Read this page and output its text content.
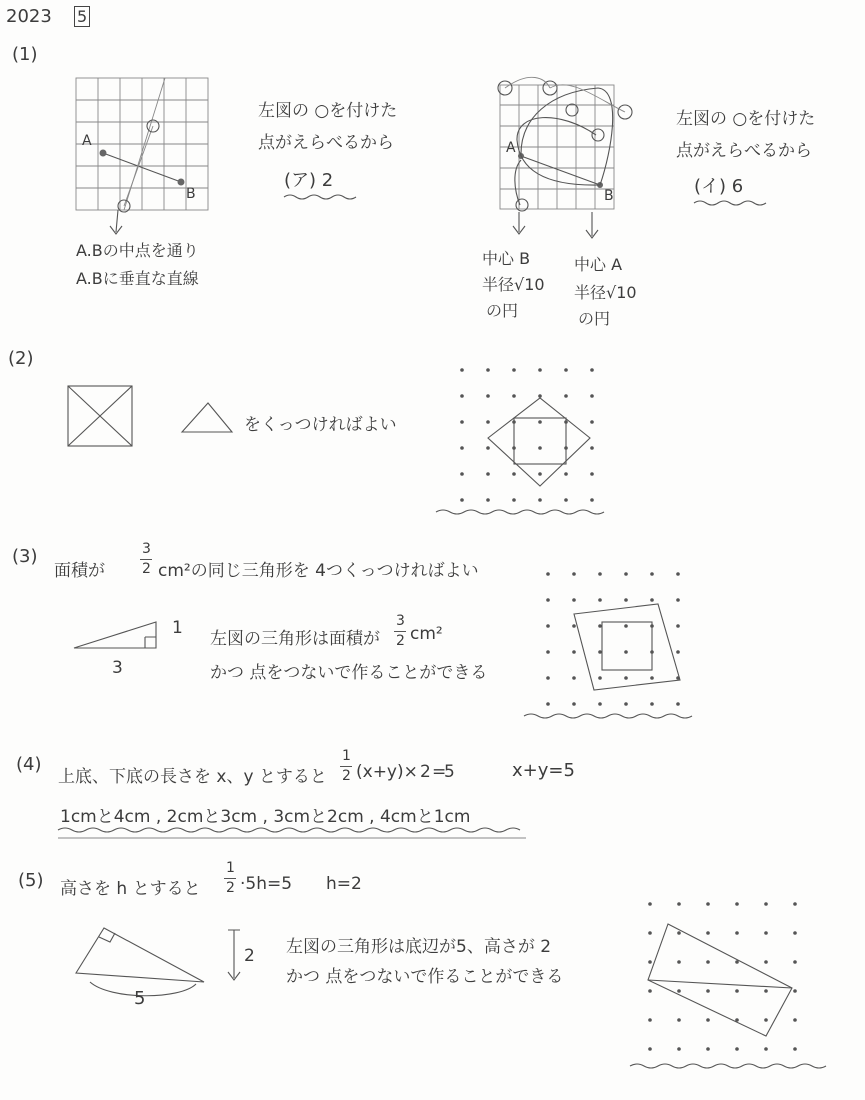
2023 5
(1)
A
B
A.Bの中点を通り
A.Bに垂直な直線
左図の ○を付けた
点がえらべるから
(ア) 2
A
B
中心 B
半径√10
の円
中心 A
半径√10
の円
左図の ○を付けた
点がえらべるから
(イ) 6
(2)
をくっつければよい
(3)
面積が
3
2 cm²の同じ三角形を 4つくっつければよい
1
3
左図の三角形は面積が
3
2 cm²
かつ 点をつないで作ることができる
(4)
上底、下底の長さを x、y とすると
1
2 (x+y)× 2 =
5	x+y=5
1cmと4cm , 2cmと3cm , 3cmと2cm , 4cmと1cm
(5) 高さを h とすると
1
2 ·5h=5 h=2
2
5
左図の三角形は底辺が5、高さが 2
かつ 点をつないで作ることができる
